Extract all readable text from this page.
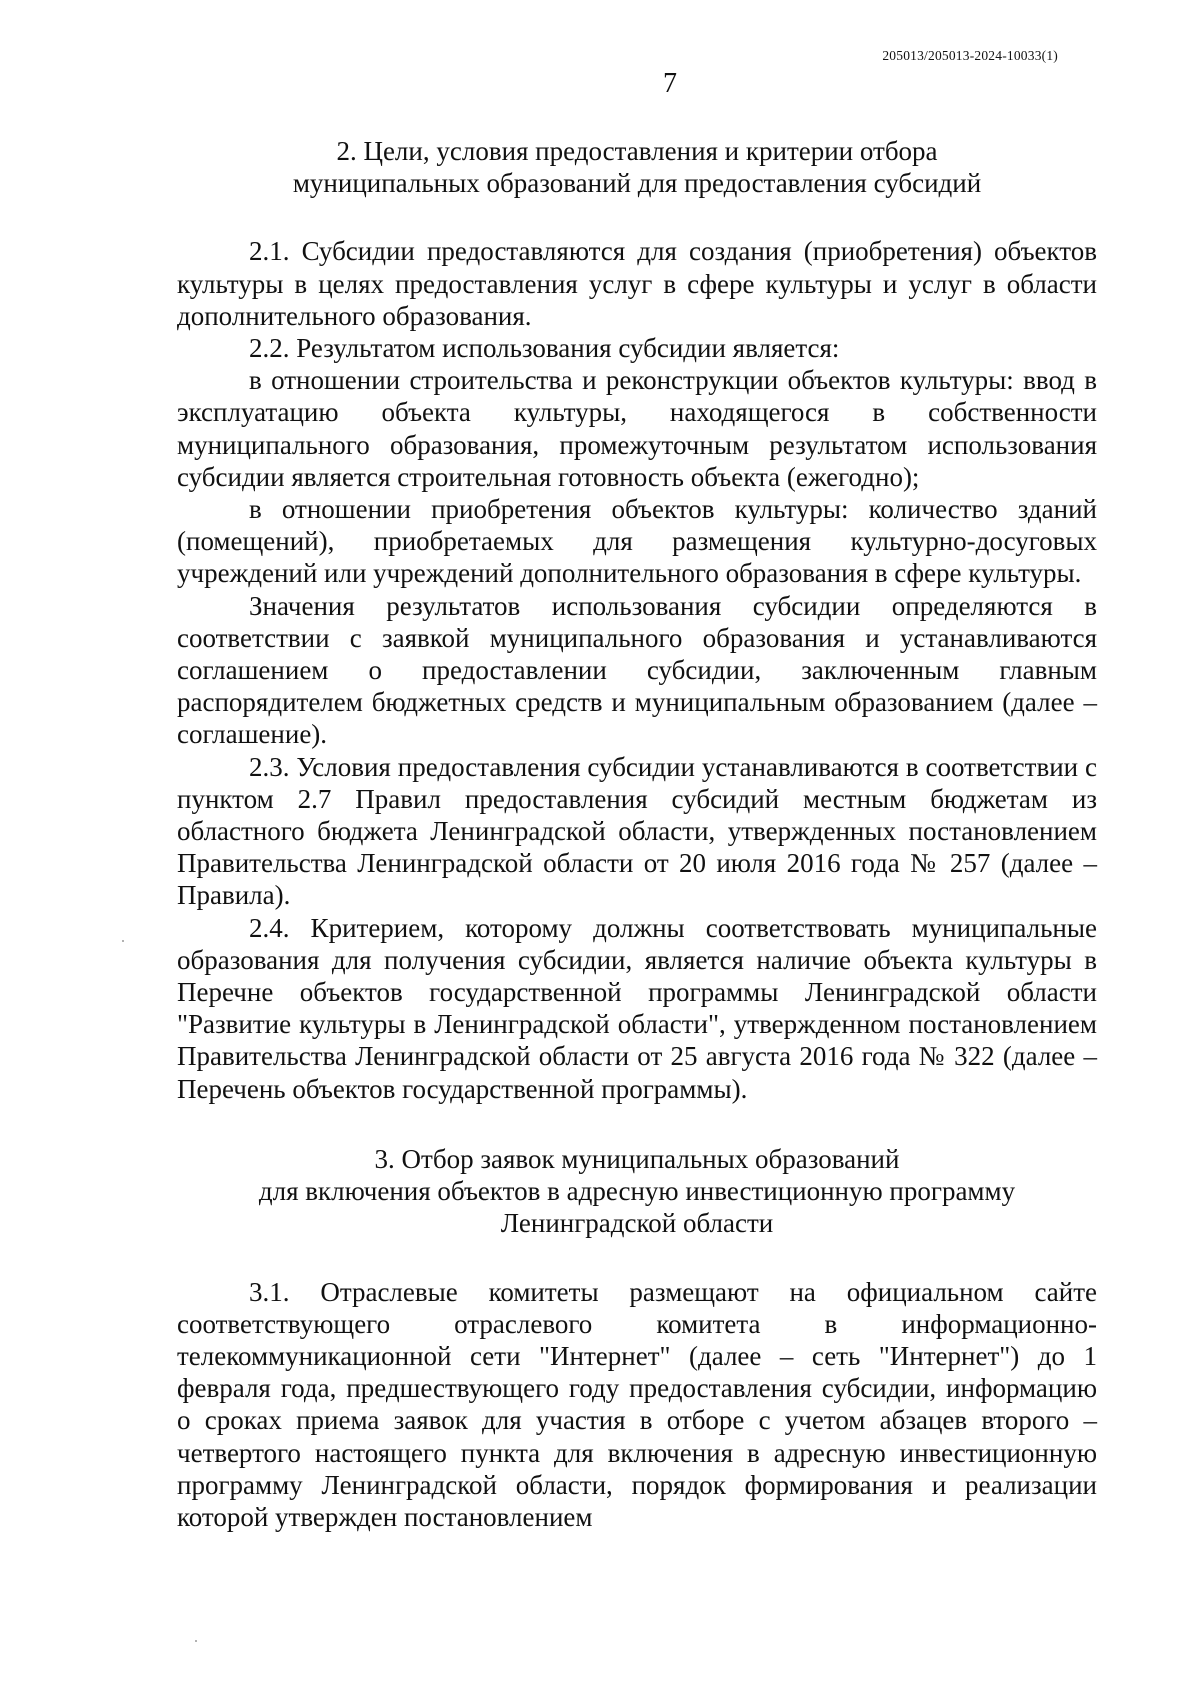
205013/205013-2024-10033(1)
7
2. Цели, условия предоставления и критерии отбора
муниципальных образований для предоставления субсидий

2.1. Субсидии предоставляются для создания (приобретения) объектов культуры в целях предоставления услуг в сфере культуры и услуг в области дополнительного образования.

2.2. Результатом использования субсидии является:

в отношении строительства и реконструкции объектов культуры: ввод в эксплуатацию объекта культуры, находящегося в собственности муниципального образования, промежуточным результатом использования субсидии является строительная готовность объекта (ежегодно);

в отношении приобретения объектов культуры: количество зданий (помещений), приобретаемых для размещения культурно-досуговых учреждений или учреждений дополнительного образования в сфере культуры.

Значения результатов использования субсидии определяются в соответствии с заявкой муниципального образования и устанавливаются соглашением о предоставлении субсидии, заключенным главным распорядителем бюджетных средств и муниципальным образованием (далее – соглашение).

2.3. Условия предоставления субсидии устанавливаются в соответствии с пунктом 2.7 Правил предоставления субсидий местным бюджетам из областного бюджета Ленинградской области, утвержденных постановлением Правительства Ленинградской области от 20 июля 2016 года № 257 (далее – Правила).

2.4. Критерием, которому должны соответствовать муниципальные образования для получения субсидии, является наличие объекта культуры в Перечне объектов государственной программы Ленинградской области "Развитие культуры в Ленинградской области", утвержденном постановлением Правительства Ленинградской области от 25 августа 2016 года № 322 (далее – Перечень объектов государственной программы).

3. Отбор заявок муниципальных образований
для включения объектов в адресную инвестиционную программу
Ленинградской области

3.1. Отраслевые комитеты размещают на официальном сайте соответствующего отраслевого комитета в информационно-телекоммуникационной сети "Интернет" (далее – сеть "Интернет") до 1 февраля года, предшествующего году предоставления субсидии, информацию о сроках приема заявок для участия в отборе с учетом абзацев второго – четвертого настоящего пункта для включения в адресную инвестиционную программу Ленинградской области, порядок формирования и реализации которой утвержден постановлением
